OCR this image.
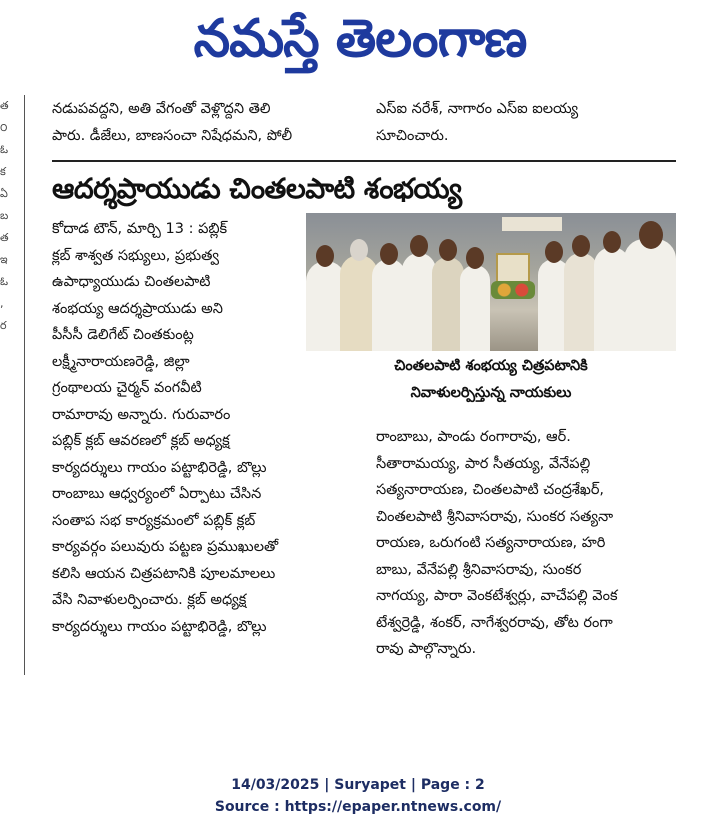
నమస్తే తెలంగాణ
త
౦
ఓ
క
ఏ
బ
త
ఇ
ఓ
,
ర
నడుపవద్దని, అతి వేగంతో వెళ్లొద్దని తెలి
పారు. డీజేలు, బాణసంచా నిషేధమని, పోలీ
ఎస్ఐ నరేశ్, నాగారం ఎస్ఐ ఐలయ్య
సూచించారు.
ఆదర్శప్రాయుడు చింతలపాటి శంభయ్య
కోదాడ టౌన్, మార్చి 13 : పబ్లిక్
క్లబ్ శాశ్వత సభ్యులు, ప్రభుత్వ
ఉపాధ్యాయుడు చింతలపాటి
శంభయ్య ఆదర్శప్రాయుడు అని
పీసీసీ డెలిగేట్ చింతకుంట్ల
లక్ష్మీనారాయణరెడ్డి, జిల్లా
గ్రంథాలయ చైర్మన్ వంగవీటి
రామారావు అన్నారు. గురువారం
చింతలపాటి శంభయ్య చిత్రపటానికి
నివాళులర్పిస్తున్న నాయకులు
పబ్లిక్ క్లబ్ ఆవరణలో క్లబ్ అధ్యక్ష
కార్యదర్శులు గాయం పట్టాభిరెడ్డి, బొల్లు
రాంబాబు ఆధ్వర్యంలో ఏర్పాటు చేసిన
సంతాప సభ కార్యక్రమంలో పబ్లిక్ క్లబ్
కార్యవర్గం పలువురు పట్టణ ప్రముఖులతో
కలిసి ఆయన చిత్రపటానికి పూలమాలలు
వేసి నివాళులర్పించారు. క్లబ్ అధ్యక్ష
కార్యదర్శులు గాయం పట్టాభిరెడ్డి, బొల్లు
రాంబాబు, పాండు రంగారావు, ఆర్.
సీతారామయ్య, పార సీతయ్య, వేనేపల్లి
సత్యనారాయణ, చింతలపాటి చంద్రశేఖర్,
చింతలపాటి శ్రీనివాసరావు, సుంకర సత్యనా
రాయణ, ఒరుగంటి సత్యనారాయణ, హరి
బాబు, వేనేపల్లి శ్రీనివాసరావు, సుంకర
నాగయ్య, పారా వెంకటేశ్వర్లు, వాచేపల్లి వెంక
టేశ్వర్రెడ్డి, శంకర్, నాగేశ్వరరావు, తోట రంగా
రావు పాల్గొన్నారు.
14/03/2025 | Suryapet | Page : 2
Source : https://epaper.ntnews.com/
